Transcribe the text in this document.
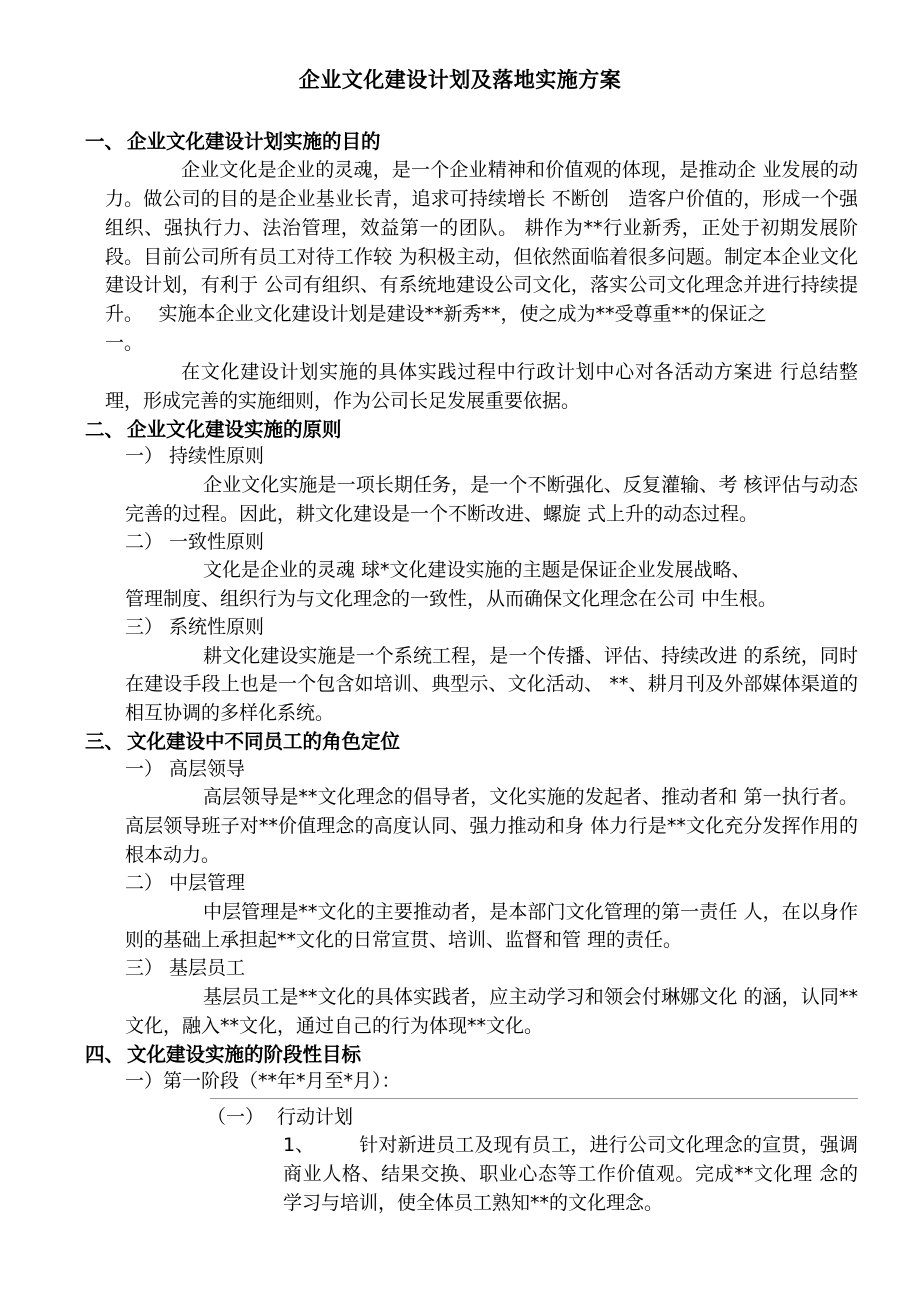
企业文化建设计划及落地实施方案
一、 企业文化建设计划实施的目的

企业文化是企业的灵魂，是一个企业精神和价值观的体现，是推动企 业发展的动力。做公司的目的是企业基业长青，追求可持续增长 不断创　造客户价值的，形成一个强组织、强执行力、法治管理，效益第一的团队。 耕作为**行业新秀，正处于初期发展阶段。目前公司所有员工对待工作较 为积极主动，但依然面临着很多问题。制定本企业文化建设计划，有利于 公司有组织、有系统地建设公司文化，落实公司文化理念并进行持续提升。　 实施本企业文化建设计划是建设**新秀**，使之成为**受尊重**的保证之

一。

在文化建设计划实施的具体实践过程中行政计划中心对各活动方案进 行总结整理，形成完善的实施细则，作为公司长足发展重要依据。

二、 企业文化建设实施的原则
一） 持续性原则

企业文化实施是一项长期任务，是一个不断强化、反复灌输、考 核评估与动态完善的过程。因此，耕文化建设是一个不断改进、螺旋 式上升的动态过程。

二） 一致性原则

文化是企业的灵魂 球*文化建设实施的主题是保证企业发展战略、

管理制度、组织行为与文化理念的一致性，从而确保文化理念在公司 中生根。

三） 系统性原则

耕文化建设实施是一个系统工程，是一个传播、评估、持续改进 的系统，同时在建设手段上也是一个包含如培训、典型示、文化活动、 **、耕月刊及外部媒体渠道的相互协调的多样化系统。

三、 文化建设中不同员工的角色定位
一） 高层领导

高层领导是**文化理念的倡导者，文化实施的发起者、推动者和 第一执行者。高层领导班子对**价值理念的高度认同、强力推动和身 体力行是**文化充分发挥作用的根本动力。

二） 中层管理

中层管理是**文化的主要推动者，是本部门文化管理的第一责任 人，在以身作则的基础上承担起**文化的日常宣贯、培训、监督和管 理的责任。

三） 基层员工

基层员工是**文化的具体实践者，应主动学习和领会付琳娜文化 的涵，认同**文化，融入**文化，通过自己的行为体现**文化。

四、 文化建设实施的阶段性目标
一） 第一阶段（**年*月至*月）：
（一） 行动计划

1、 针对新进员工及现有员工，进行公司文化理念的宣贯，强调 商业人格、结果交换、职业心态等工作价值观。完成**文化理 念的学习与培训，使全体员工熟知**的文化理念。
